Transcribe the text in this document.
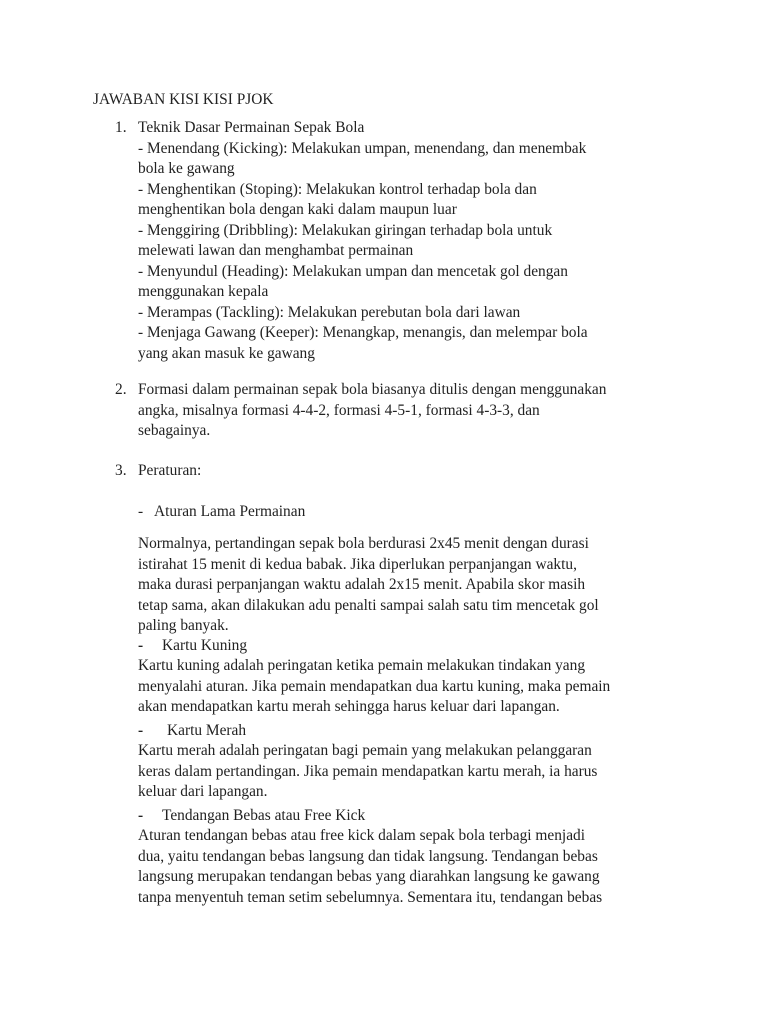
JAWABAN KISI KISI PJOK
1. Teknik Dasar Permainan Sepak Bola
- Menendang (Kicking): Melakukan umpan, menendang, dan menembak
bola ke gawang
- Menghentikan (Stoping): Melakukan kontrol terhadap bola dan
menghentikan bola dengan kaki dalam maupun luar
- Menggiring (Dribbling): Melakukan giringan terhadap bola untuk
melewati lawan dan menghambat permainan
- Menyundul (Heading): Melakukan umpan dan mencetak gol dengan
menggunakan kepala
- Merampas (Tackling): Melakukan perebutan bola dari lawan
- Menjaga Gawang (Keeper): Menangkap, menangis, dan melempar bola
yang akan masuk ke gawang
2. Formasi dalam permainan sepak bola biasanya ditulis dengan menggunakan
angka, misalnya formasi 4-4-2, formasi 4-5-1, formasi 4-3-3, dan
sebagainya.
3. Peraturan:
- Aturan Lama Permainan
Normalnya, pertandingan sepak bola berdurasi 2x45 menit dengan durasi
istirahat 15 menit di kedua babak. Jika diperlukan perpanjangan waktu,
maka durasi perpanjangan waktu adalah 2x15 menit. Apabila skor masih
tetap sama, akan dilakukan adu penalti sampai salah satu tim mencetak gol
paling banyak.
- Kartu Kuning
Kartu kuning adalah peringatan ketika pemain melakukan tindakan yang
menyalahi aturan. Jika pemain mendapatkan dua kartu kuning, maka pemain
akan mendapatkan kartu merah sehingga harus keluar dari lapangan.
- Kartu Merah
Kartu merah adalah peringatan bagi pemain yang melakukan pelanggaran
keras dalam pertandingan. Jika pemain mendapatkan kartu merah, ia harus
keluar dari lapangan.
- Tendangan Bebas atau Free Kick
Aturan tendangan bebas atau free kick dalam sepak bola terbagi menjadi
dua, yaitu tendangan bebas langsung dan tidak langsung. Tendangan bebas
langsung merupakan tendangan bebas yang diarahkan langsung ke gawang
tanpa menyentuh teman setim sebelumnya. Sementara itu, tendangan bebas
